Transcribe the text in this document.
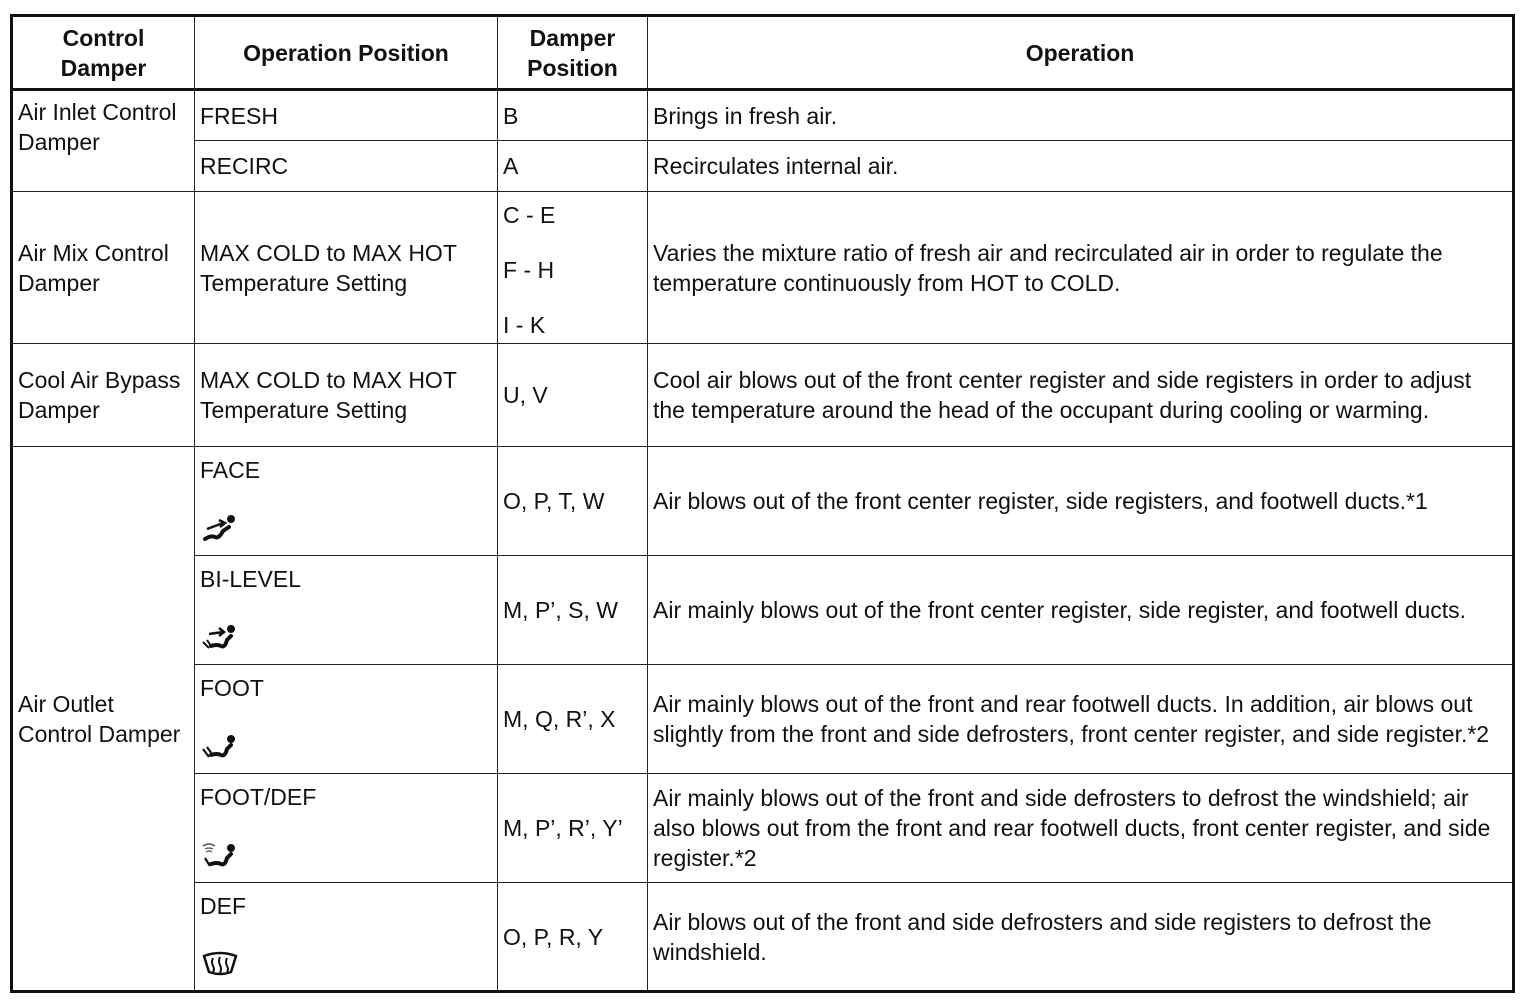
Control Damper	Operation Position	Damper Position	Operation
Air Inlet Control Damper	FRESH	B	Brings in fresh air.
	RECIRC	A	Recirculates internal air.
Air Mix Control Damper	MAX COLD to MAX HOT Temperature Setting	C - E
F - H
I - K	Varies the mixture ratio of fresh air and recirculated air in order to regulate the temperature continuously from HOT to COLD.
Cool Air Bypass Damper	MAX COLD to MAX HOT Temperature Setting	U, V	Cool air blows out of the front center register and side registers in order to adjust the temperature around the head of the occupant during cooling or warming.
Air Outlet Control Damper	FACE	O, P, T, W	Air blows out of the front center register, side registers, and footwell ducts.*1
	BI-LEVEL	M, P’, S, W	Air mainly blows out of the front center register, side register, and footwell ducts.
	FOOT	M, Q, R’, X	Air mainly blows out of the front and rear footwell ducts. In addition, air blows out slightly from the front and side defrosters, front center register, and side register.*2
	FOOT/DEF	M, P’, R’, Y’	Air mainly blows out of the front and side defrosters to defrost the windshield; air also blows out from the front and rear footwell ducts, front center register, and side register.*2
	DEF	O, P, R, Y	Air blows out of the front and side defrosters and side registers to defrost the windshield.
